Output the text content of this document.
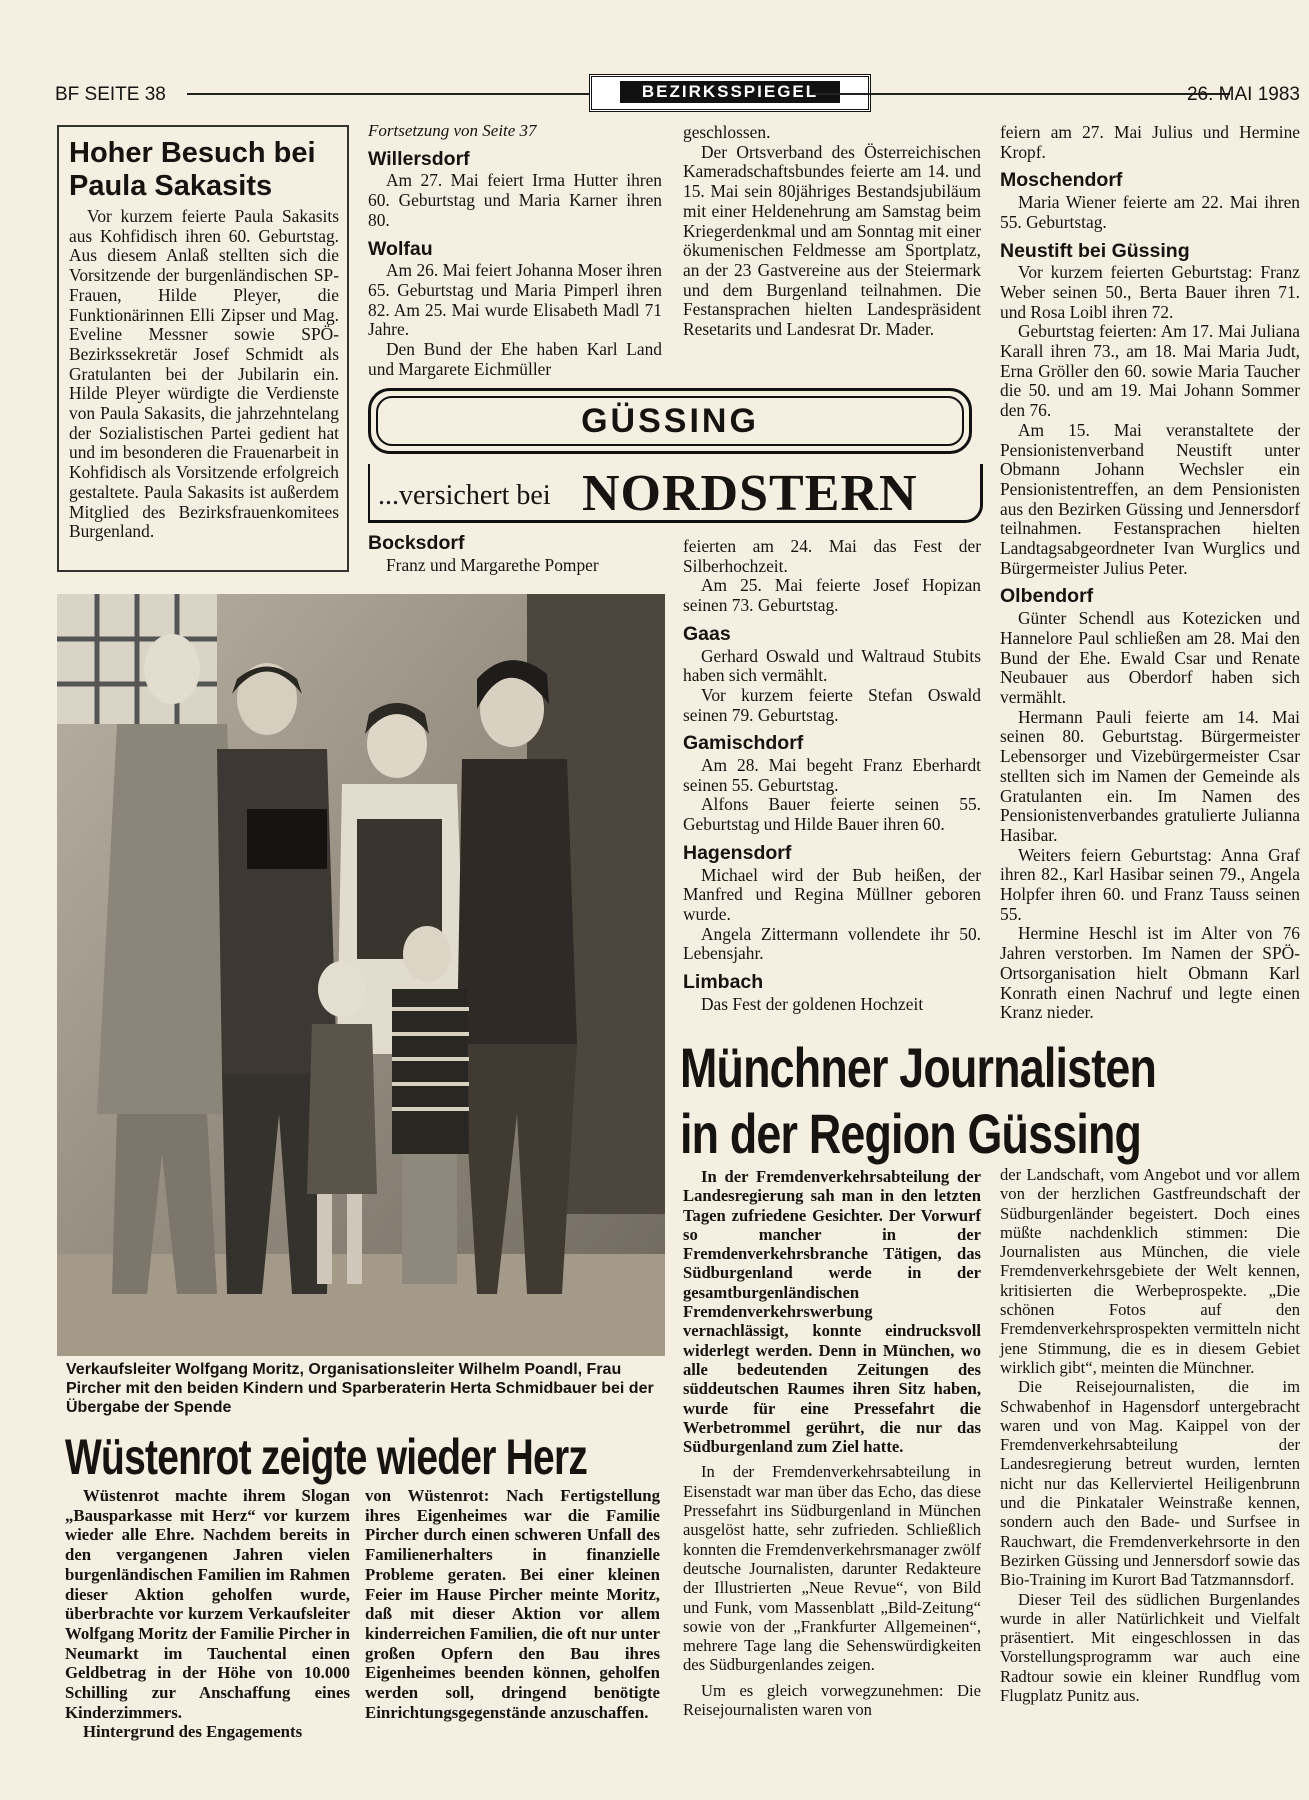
BF SEITE 38	BEZIRKSSPIEGEL	26. MAI 1983
Hoher Besuch bei Paula Sakasits

Vor kurzem feierte Paula Sakasits aus Kohfidisch ihren 60. Geburtstag. Aus diesem Anlaß stellten sich die Vorsitzende der burgenländischen SP-Frauen, Hilde Pleyer, die Funktionärinnen Elli Zipser und Mag. Eveline Messner sowie SPÖ-Bezirkssekretär Josef Schmidt als Gratulanten bei der Jubilarin ein. Hilde Pleyer würdigte die Verdienste von Paula Sakasits, die jahrzehntelang der Sozialistischen Partei gedient hat und im besonderen die Frauenarbeit in Kohfidisch als Vorsitzende erfolgreich gestaltete. Paula Sakasits ist außerdem Mitglied des Bezirksfrauenkomitees Burgenland.

Fortsetzung von Seite 37
Willersdorf

Am 27. Mai feiert Irma Hutter ihren 60. Geburtstag und Maria Karner ihren 80.

Wolfau

Am 26. Mai feiert Johanna Moser ihren 65. Geburtstag und Maria Pimperl ihren 82. Am 25. Mai wurde Elisabeth Madl 71 Jahre.

Den Bund der Ehe haben Karl Land und Margarete Eichmüller

geschlossen.

Der Ortsverband des Österreichischen Kameradschaftsbundes feierte am 14. und 15. Mai sein 80jähriges Bestandsjubiläum mit einer Heldenehrung am Samstag beim Kriegerdenkmal und am Sonntag mit einer ökumenischen Feldmesse am Sportplatz, an der 23 Gastvereine aus der Steiermark und dem Burgenland teilnahmen. Die Festansprachen hielten Landespräsident Resetarits und Landesrat Dr. Mader.

feiern am 27. Mai Julius und Hermine Kropf.

Moschendorf

Maria Wiener feierte am 22. Mai ihren 55. Geburtstag.

Neustift bei Güssing

Vor kurzem feierten Geburtstag: Franz Weber seinen 50., Berta Bauer ihren 71. und Rosa Loibl ihren 72.

Geburtstag feierten: Am 17. Mai Juliana Karall ihren 73., am 18. Mai Maria Judt, Erna Gröller den 60. sowie Maria Taucher die 50. und am 19. Mai Johann Sommer den 76.

Am 15. Mai veranstaltete der Pensionistenverband Neustift unter Obmann Johann Wechsler ein Pensionistentreffen, an dem Pensionisten aus den Bezirken Güssing und Jennersdorf teilnahmen. Festansprachen hielten Landtagsabgeordneter Ivan Wurglics und Bürgermeister Julius Peter.

Olbendorf

Günter Schendl aus Kotezicken und Hannelore Paul schließen am 28. Mai den Bund der Ehe. Ewald Csar und Renate Neubauer aus Oberdorf haben sich vermählt.

Hermann Pauli feierte am 14. Mai seinen 80. Geburtstag. Bürgermeister Lebensorger und Vizebürgermeister Csar stellten sich im Namen der Gemeinde als Gratulanten ein. Im Namen des Pensionistenverbandes gratulierte Julianna Hasibar.

Weiters feiern Geburtstag: Anna Graf ihren 82., Karl Hasibar seinen 79., Angela Holpfer ihren 60. und Franz Tauss seinen 55.

Hermine Heschl ist im Alter von 76 Jahren verstorben. Im Namen der SPÖ-Ortsorganisation hielt Obmann Karl Konrath einen Nachruf und legte einen Kranz nieder.

GÜSSING
...versichert bei NORDSTERN
Bocksdorf

Franz und Margarethe Pomper

feierten am 24. Mai das Fest der Silberhochzeit.

Am 25. Mai feierte Josef Hopizan seinen 73. Geburtstag.

Gaas

Gerhard Oswald und Waltraud Stubits haben sich vermählt.

Vor kurzem feierte Stefan Oswald seinen 79. Geburtstag.

Gamischdorf

Am 28. Mai begeht Franz Eberhardt seinen 55. Geburtstag.

Alfons Bauer feierte seinen 55. Geburtstag und Hilde Bauer ihren 60.

Hagensdorf

Michael wird der Bub heißen, der Manfred und Regina Müllner geboren wurde.

Angela Zittermann vollendete ihr 50. Lebensjahr.

Limbach

Das Fest der goldenen Hochzeit

Verkaufsleiter Wolfgang Moritz, Organisationsleiter Wilhelm Poandl, Frau Pircher mit den beiden Kindern und Sparberaterin Herta Schmidbauer bei der Übergabe der Spende
Wüstenrot zeigte wieder Herz

Wüstenrot machte ihrem Slogan „Bausparkasse mit Herz“ vor kurzem wieder alle Ehre. Nachdem bereits in den vergangenen Jahren vielen burgenländischen Familien im Rahmen dieser Aktion geholfen wurde, überbrachte vor kurzem Verkaufsleiter Wolfgang Moritz der Familie Pircher in Neumarkt im Tauchental einen Geldbetrag in der Höhe von 10.000 Schilling zur Anschaffung eines Kinderzimmers.

Hintergrund des Engagements

von Wüstenrot: Nach Fertigstellung ihres Eigenheimes war die Familie Pircher durch einen schweren Unfall des Familienerhalters in finanzielle Probleme geraten. Bei einer kleinen Feier im Hause Pircher meinte Moritz, daß mit dieser Aktion vor allem kinderreichen Familien, die oft nur unter großen Opfern den Bau ihres Eigenheimes beenden können, geholfen werden soll, dringend benötigte Einrichtungsgegenstände anzuschaffen.

Münchner Journalisten
in der Region Güssing

In der Fremdenverkehrsabteilung der Landesregierung sah man in den letzten Tagen zufriedene Gesichter. Der Vorwurf so mancher in der Fremdenverkehrsbranche Tätigen, das Südburgenland werde in der gesamtburgenländischen Fremdenverkehrswerbung vernachlässigt, konnte eindrucksvoll widerlegt werden. Denn in München, wo alle bedeutenden Zeitungen des süddeutschen Raumes ihren Sitz haben, wurde für eine Pressefahrt die Werbetrommel gerührt, die nur das Südburgenland zum Ziel hatte.

In der Fremdenverkehrsabteilung in Eisenstadt war man über das Echo, das diese Pressefahrt ins Südburgenland in München ausgelöst hatte, sehr zufrieden. Schließlich konnten die Fremdenverkehrsmanager zwölf deutsche Journalisten, darunter Redakteure der Illustrierten „Neue Revue“, von Bild und Funk, vom Massenblatt „Bild-Zeitung“ sowie von der „Frankfurter Allgemeinen“, mehrere Tage lang die Sehenswürdigkeiten des Südburgenlandes zeigen.

Um es gleich vorwegzunehmen: Die Reisejournalisten waren von

der Landschaft, vom Angebot und vor allem von der herzlichen Gastfreundschaft der Südburgenländer begeistert. Doch eines müßte nachdenklich stimmen: Die Journalisten aus München, die viele Fremdenverkehrsgebiete der Welt kennen, kritisierten die Werbeprospekte. „Die schönen Fotos auf den Fremdenverkehrsprospekten vermitteln nicht jene Stimmung, die es in diesem Gebiet wirklich gibt“, meinten die Münchner.

Die Reisejournalisten, die im Schwabenhof in Hagensdorf untergebracht waren und von Mag. Kaippel von der Fremdenverkehrsabteilung der Landesregierung betreut wurden, lernten nicht nur das Kellerviertel Heiligenbrunn und die Pinkataler Weinstraße kennen, sondern auch den Bade- und Surfsee in Rauchwart, die Fremdenverkehrsorte in den Bezirken Güssing und Jennersdorf sowie das Bio-Training im Kurort Bad Tatzmannsdorf.

Dieser Teil des südlichen Burgenlandes wurde in aller Natürlichkeit und Vielfalt präsentiert. Mit eingeschlossen in das Vorstellungsprogramm war auch eine Radtour sowie ein kleiner Rundflug vom Flugplatz Punitz aus.
